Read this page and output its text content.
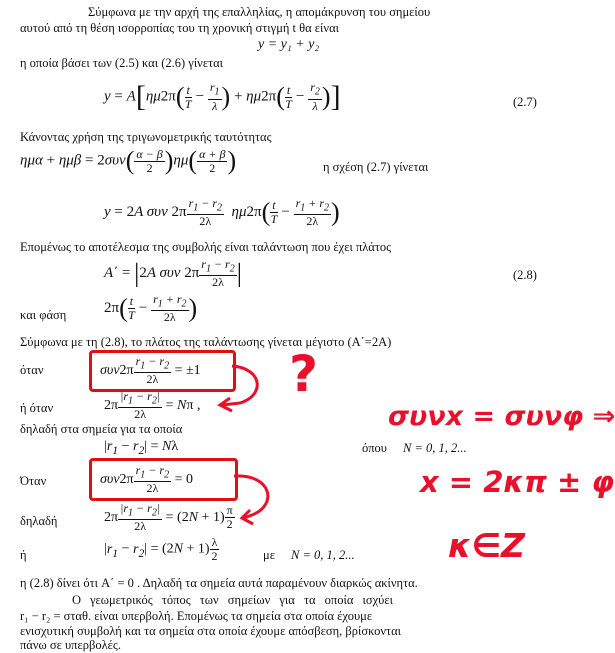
Σύμφωνα με την αρχή της επαλληλίας, η απομάκρυνση του σημείου
αυτού από τη θέση ισορροπίας του τη χρονική στιγμή t θα είναι
y = y₁ + y₂
η οποία βάσει των (2.5) και (2.6) γίνεται
$y = A[\eta\mu 2\pi( \frac{t}{T} - \frac{r_1}{\lambda}$ ) + $\eta\mu 2\pi( \frac{t}{T} - \frac{r_2}{\lambda}$ )]	(2.7)
Κάνοντας χρήση της τριγωνομετρικής ταυτότητας
$\eta\mu\alpha + \eta\mu\beta = 2\sigma\upsilon\nu( \frac{\alpha - \beta}{2} )\eta\mu( \frac{\alpha + \beta}{2}$ )	η σχέση (2.7) γίνεται
y = 2A συν $2\pi \frac{r_1 - r_2}{2\lambda} \eta\mu 2\pi( \frac{t}{T} - \frac{r_1 + r_2}{2\lambda}$ )
Επομένως το αποτέλεσμα της συμβολής είναι ταλάντωση που έχει πλάτος
A΄ = |2A συν $2\pi \frac{r_1 - r_2}{2\lambda}$ |	(2.8)
και φάση	$2\pi( \frac{t}{T} - \frac{r_1 + r_2}{2\lambda}$ )
Σύμφωνα με τη (2.8), το πλάτος της ταλάντωσης γίνεται μέγιστο (A΄=2A)
όταν	$\sigma\upsilon\nu 2\pi \frac{r_1 - r_2}{2\lambda} = \pm 1$
ή όταν	$2\pi \frac{|r_1 - r_2|}{2\lambda} = N\pi$ ,
δηλαδή στα σημεία για τα οποία
$|r_1 - r_2| = N\lambda$	όπου N = 0, 1, 2...
Όταν	$\sigma\upsilon\nu 2\pi \frac{r_1 - r_2}{2\lambda} = 0$
δηλαδή	$2\pi \frac{|r_1 - r_2|}{2\lambda} = (2N + 1) \frac{\pi}{2}$
ή	$|r_1 - r_2| = (2N + 1) \frac{\lambda}{2}$	με N = 0, 1, 2...
η (2.8) δίνει ότι A΄ = 0 . Δηλαδή τα σημεία αυτά παραμένουν διαρκώς ακίνητα.
Ο γεωμετρικός τόπος των σημείων για τα οποία ισχύει
r₁ − r₂ = σταθ. είναι υπερβολή. Επομένως τα σημεία στα οποία έχουμε
ενισχυτική συμβολή και τα σημεία στα οποία έχουμε απόσβεση, βρίσκονται
πάνω σε υπερβολές.
?
συνx = συνφ ⇒
x = 2κπ ± φ
κ∈Z
